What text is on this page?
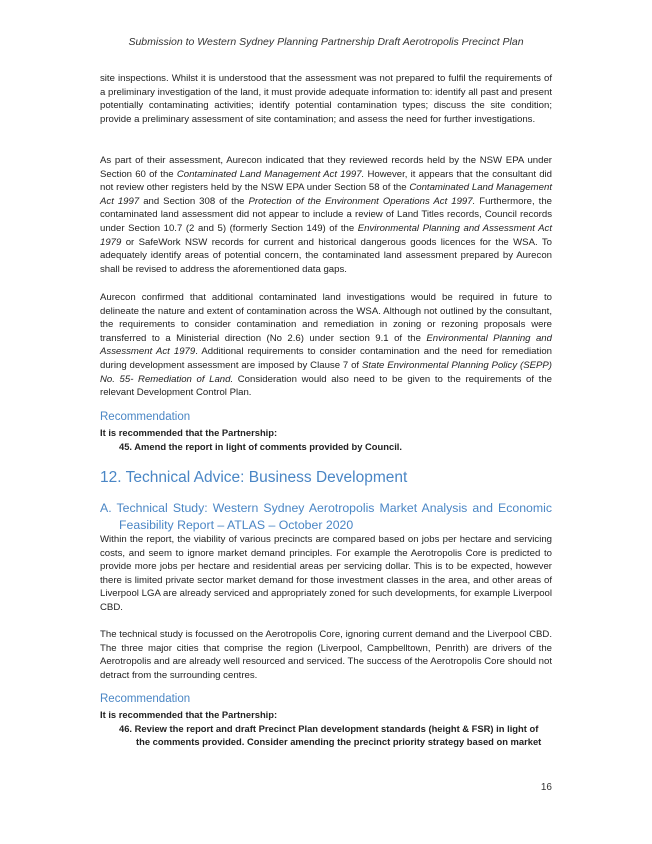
Submission to Western Sydney Planning Partnership Draft Aerotropolis Precinct Plan

site inspections. Whilst it is understood that the assessment was not prepared to fulfil the requirements of a preliminary investigation of the land, it must provide adequate information to: identify all past and present potentially contaminating activities; identify potential contamination types; discuss the site condition; provide a preliminary assessment of site contamination; and assess the need for further investigations.

As part of their assessment, Aurecon indicated that they reviewed records held by the NSW EPA under Section 60 of the Contaminated Land Management Act 1997. However, it appears that the consultant did not review other registers held by the NSW EPA under Section 58 of the Contaminated Land Management Act 1997 and Section 308 of the Protection of the Environment Operations Act 1997. Furthermore, the contaminated land assessment did not appear to include a review of Land Titles records, Council records under Section 10.7 (2 and 5) (formerly Section 149) of the Environmental Planning and Assessment Act 1979 or SafeWork NSW records for current and historical dangerous goods licences for the WSA. To adequately identify areas of potential concern, the contaminated land assessment prepared by Aurecon shall be revised to address the aforementioned data gaps.

Aurecon confirmed that additional contaminated land investigations would be required in future to delineate the nature and extent of contamination across the WSA. Although not outlined by the consultant, the requirements to consider contamination and remediation in zoning or rezoning proposals were transferred to a Ministerial direction (No 2.6) under section 9.1 of the Environmental Planning and Assessment Act 1979. Additional requirements to consider contamination and the need for remediation during development assessment are imposed by Clause 7 of State Environmental Planning Policy (SEPP) No. 55- Remediation of Land. Consideration would also need to be given to the requirements of the relevant Development Control Plan.

Recommendation

It is recommended that the Partnership:

45. Amend the report in light of comments provided by Council.

12. Technical Advice: Business Development

A. Technical Study: Western Sydney Aerotropolis Market Analysis and Economic Feasibility Report – ATLAS – October 2020

Within the report, the viability of various precincts are compared based on jobs per hectare and servicing costs, and seem to ignore market demand principles. For example the Aerotropolis Core is predicted to provide more jobs per hectare and residential areas per servicing dollar. This is to be expected, however there is limited private sector market demand for those investment classes in the area, and other areas of Liverpool LGA are already serviced and appropriately zoned for such developments, for example Liverpool CBD.

The technical study is focussed on the Aerotropolis Core, ignoring current demand and the Liverpool CBD. The three major cities that comprise the region (Liverpool, Campbelltown, Penrith) are drivers of the Aerotropolis and are already well resourced and serviced. The success of the Aerotropolis Core should not detract from the surrounding centres.

Recommendation

It is recommended that the Partnership:

46. Review the report and draft Precinct Plan development standards (height & FSR) in light of the comments provided. Consider amending the precinct priority strategy based on market

16
